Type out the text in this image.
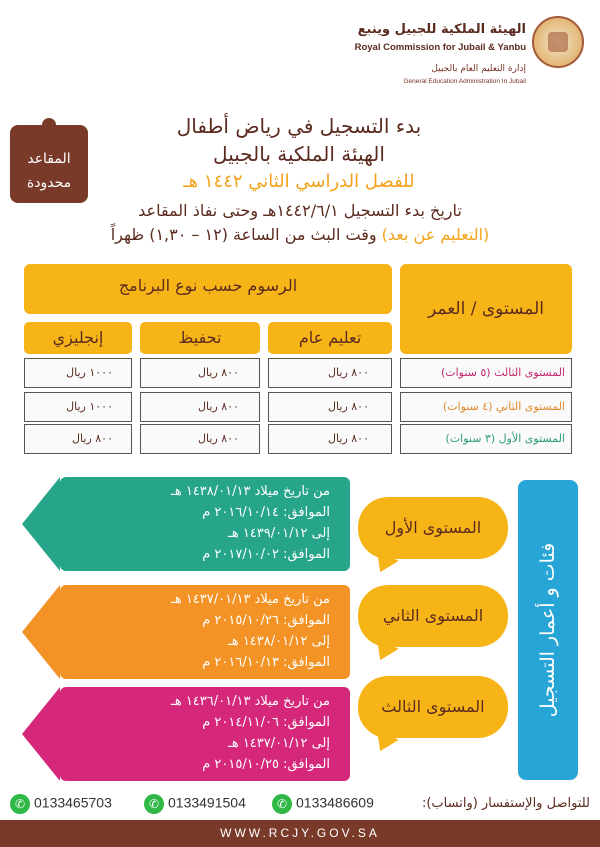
الهيئة الملكية للجبيل وينبع
Royal Commission for Jubail & Yanbu
إدارة التعليم العام بالجبيل
General Education Administration In Jubail
المقاعد
محدودة
بدء التسجيل في رياض أطفال
الهيئة الملكية بالجبيل
للفصل الدراسي الثاني ١٤٤٢ هـ
تاريخ بدء التسجيل ١٤٤٢/٦/١هـ وحتى نفاذ المقاعد
(التعليم عن بعد) وقت البث من الساعة (١٢ – ١,٣٠) ظهراً
الرسوم حسب نوع البرنامج
المستوى / العمر
تعليم عام
تحفيظ
إنجليزي
المستوى الثالث (٥ سنوات)
٨٠٠ ريال
٨٠٠ ريال
١٠٠٠ ريال
المستوى الثاني (٤ سنوات)
٨٠٠ ريال
٨٠٠ ريال
١٠٠٠ ريال
المستوى الأول (٣ سنوات)
٨٠٠ ريال
٨٠٠ ريال
٨٠٠ ريال
من تاريخ ميلاد ١٤٣٨/٠١/١٣ هـ
الموافق: ٢٠١٦/١٠/١٤ م
إلى ١٤٣٩/٠١/١٢ هـ
الموافق: ٢٠١٧/١٠/٠٢ م
من تاريخ ميلاد ١٤٣٧/٠١/١٣ هـ
الموافق: ٢٠١٥/١٠/٢٦ م
إلى ١٤٣٨/٠١/١٢ هـ
الموافق: ٢٠١٦/١٠/١٣ م
من تاريخ ميلاد ١٤٣٦/٠١/١٣ هـ
الموافق: ٢٠١٤/١١/٠٦ م
إلى ١٤٣٧/٠١/١٢ هـ
الموافق: ٢٠١٥/١٠/٢٥ م
المستوى الأول
المستوى الثاني
المستوى الثالث	فئات و أعمار التسجيل
للتواصل والإستفسار (واتساب):
✆ 0133486609
✆ 0133491504
✆ 0133465703
WWW.RCJY.GOV.SA
